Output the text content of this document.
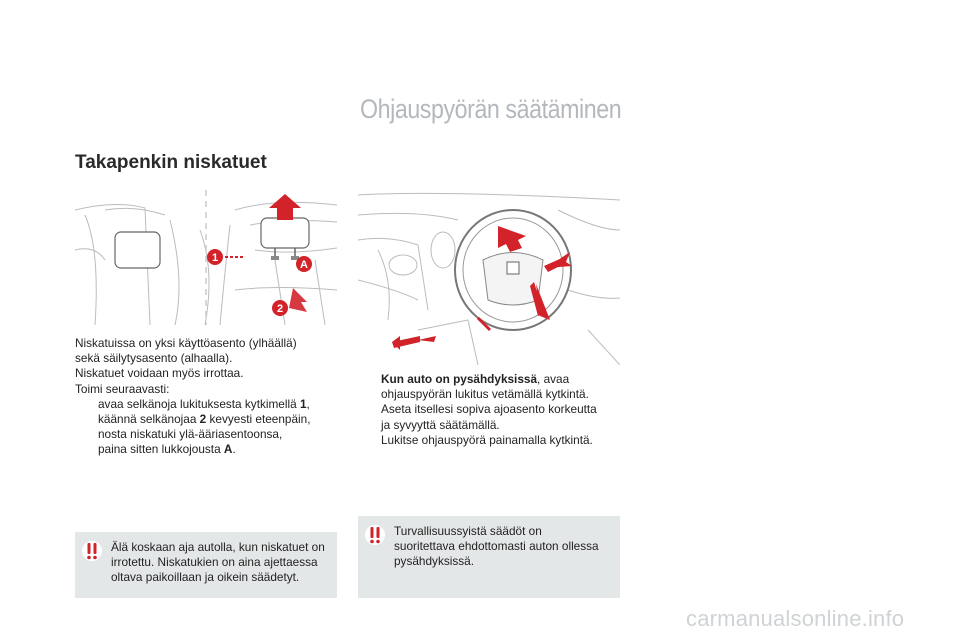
Ohjauspyörän säätäminen
Takapenkin niskatuet
1
A
2
Niskatuissa on yksi käyttöasento (ylhäällä)
sekä säilytysasento (alhaalla).
Niskatuet voidaan myös irrottaa.
Toimi seuraavasti:
avaa selkänoja lukituksesta kytkimellä 1,
käännä selkänojaa 2 kevyesti eteenpäin,
nosta niskatuki ylä-ääriasentoonsa,
paina sitten lukkojousta A.
Kun auto on pysähdyksissä, avaa
ohjauspyörän lukitus vetämällä kytkintä.
Aseta itsellesi sopiva ajoasento korkeutta
ja syvyyttä säätämällä.
Lukitse ohjauspyörä painamalla kytkintä.
Älä koskaan aja autolla, kun niskatuet on
irrotettu. Niskatukien on aina ajettaessa
oltava paikoillaan ja oikein säädetyt.
Turvallisuussyistä säädöt on
suoritettava ehdottomasti auton ollessa
pysähdyksissä.
carmanualsonline.info
